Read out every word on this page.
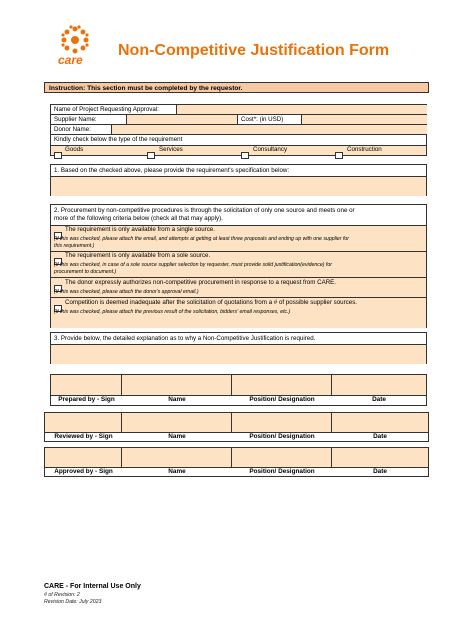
care
Non-Competitive Justification Form
Instruction: This section must be completed by the requestor.
Name of Project Requesting Approval:
Supplier Name:	Cost*: (in USD)
Donor Name:
Kindly check below the type of the requirement
Goods	Services	Consultancy	Construction
1. Based on the checked above, please provide the requirement's specification below:
2. Procurement by non-competitive procedures is through the solicitation of only one source and meets one or
more of the following criteria below (check all that may apply).
The requirement is only available from a single source.
(If this was checked, please attach the email, and attempts at getting at least three proposals and ending up with one supplier for
this requirement.)
The requirement is only available from a sole source.
(If this was checked, in case of a sole source supplier selection by requester, must provide solid justification(evidence) for
procurement to document.)
The donor expressly authorizes non-competitive procurement in response to a request from CARE.
(If this was checked, please attach the donor's approval email.)
Competition is deemed inadequate after the solicitation of quotations from a # of possible supplier sources.
(If this was checked, please attach the previous result of the solicitation, bidders' email responses, etc.)
3. Provide below, the detailed explanation as to why a Non-Competitive Justification is required.
Prepared by - Sign	Name	Position/ Designation	Date
Reviewed by - Sign	Name	Position/ Designation	Date
Approved by - Sign	Name	Position/ Designation	Date
CARE - For Internal Use Only
# of Revision: 2
Revision Date: July 2023
